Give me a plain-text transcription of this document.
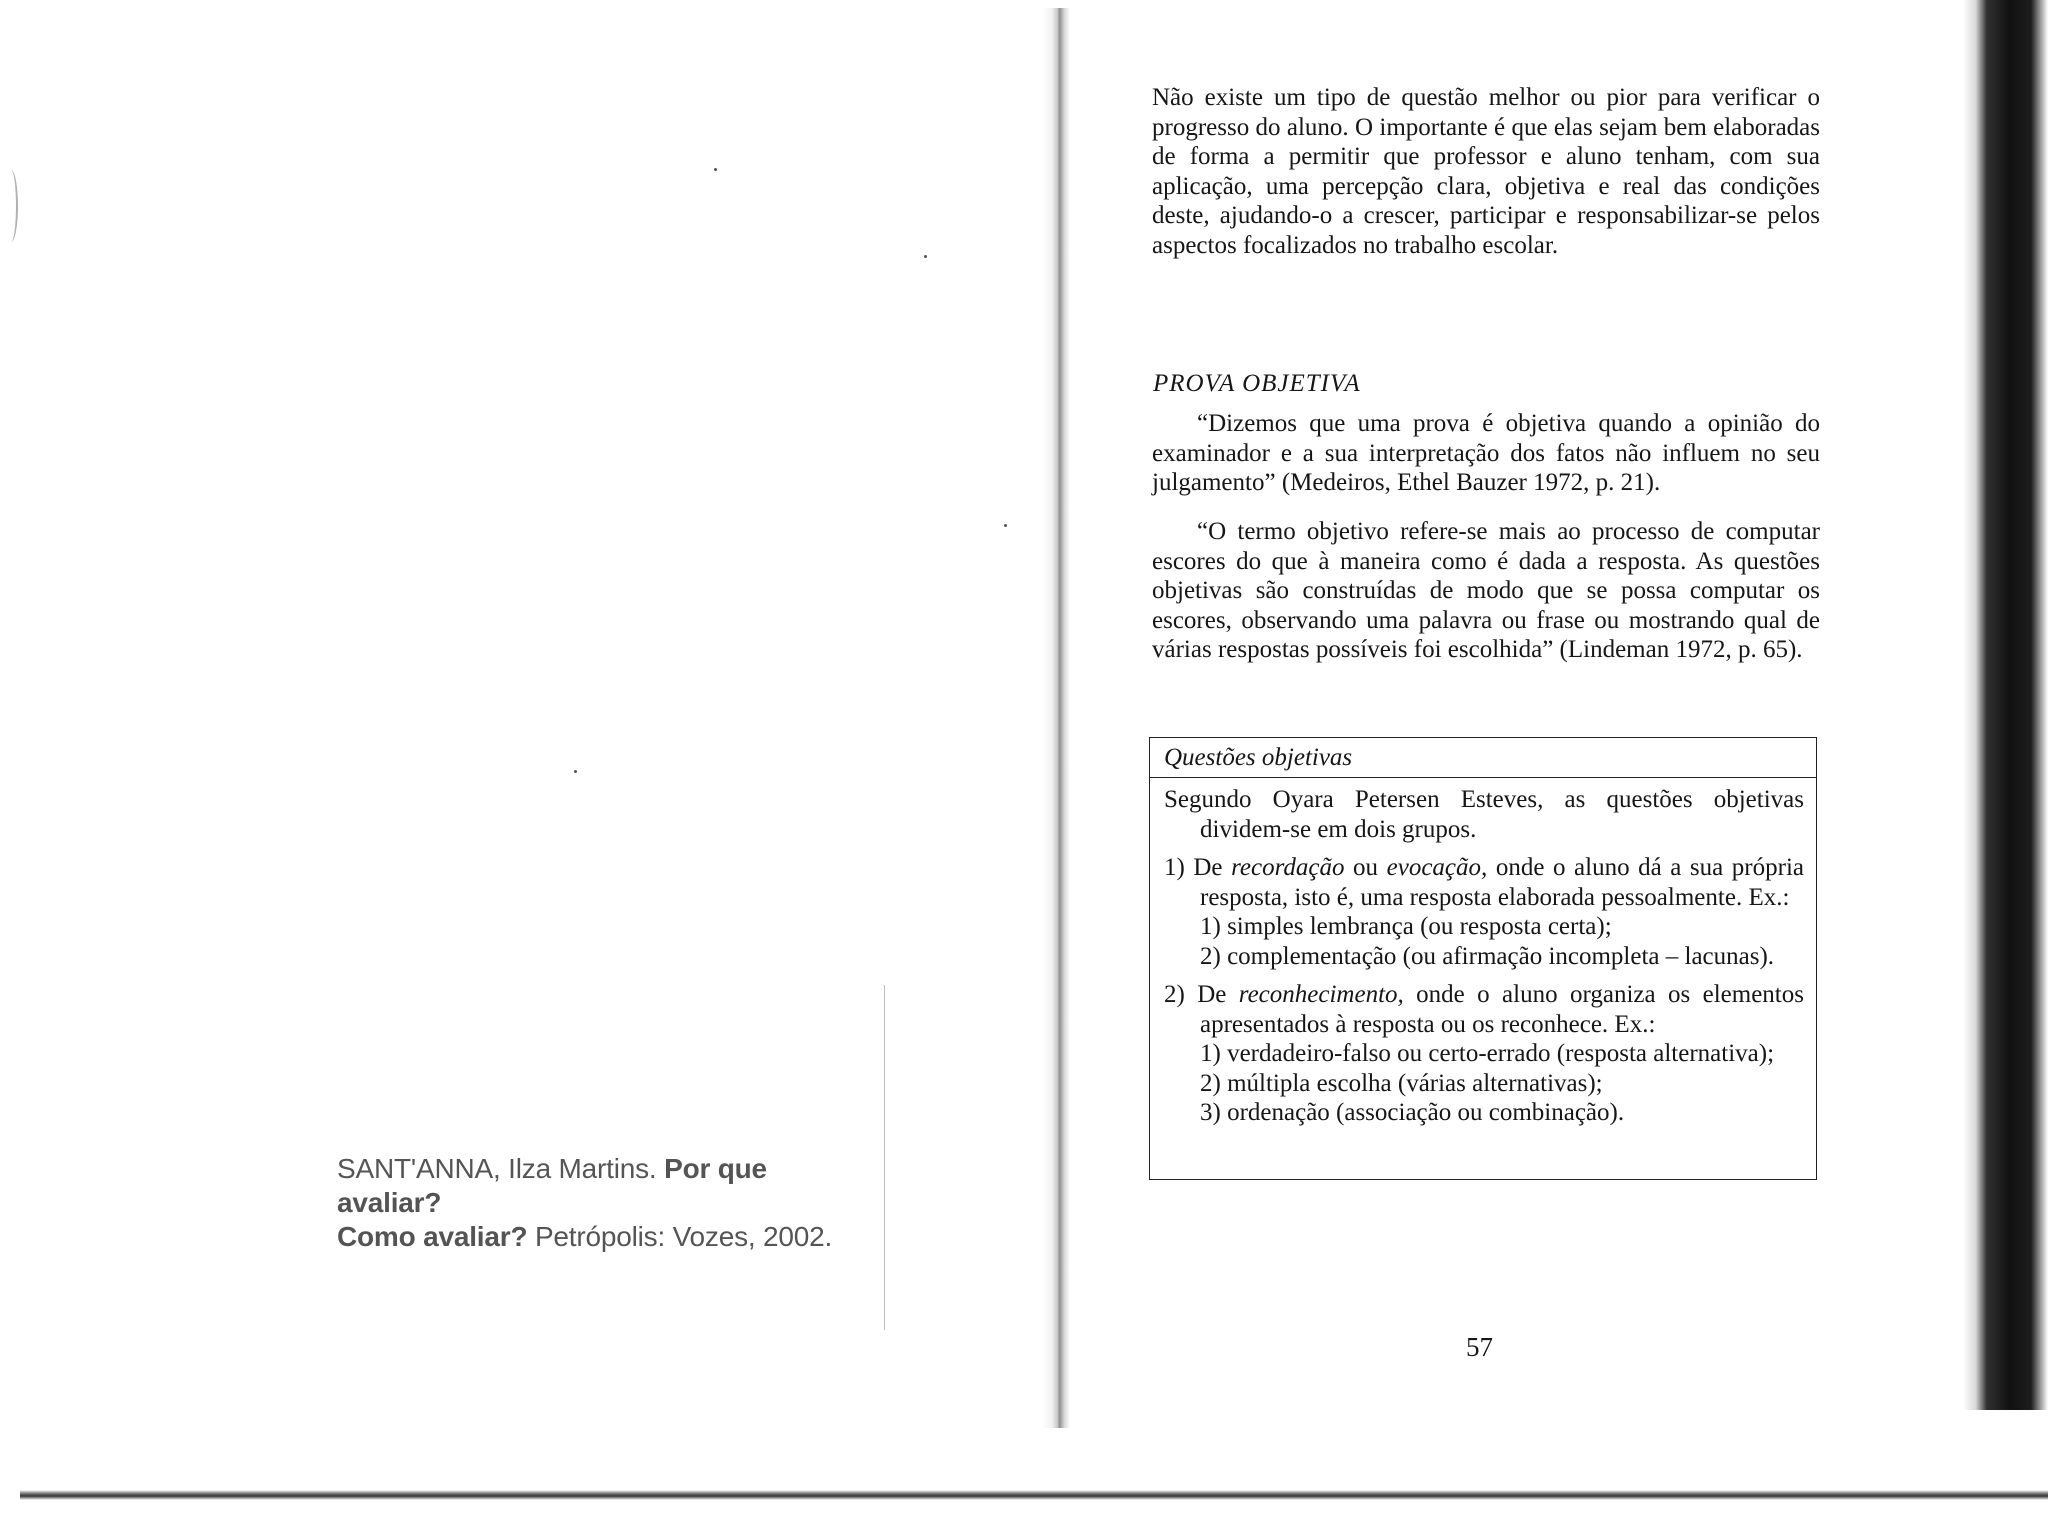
SANT'ANNA, Ilza Martins. Por que avaliar?
Como avaliar? Petrópolis: Vozes, 2002.
Não existe um tipo de questão melhor ou pior para verificar o progresso do aluno. O importante é que elas sejam bem elaboradas de forma a permitir que professor e aluno tenham, com sua aplicação, uma percepção clara, objetiva e real das condições deste, ajudando-o a crescer, participar e responsabilizar-se pelos aspectos focalizados no trabalho escolar.
PROVA OBJETIVA
“Dizemos que uma prova é objetiva quando a opinião do examinador e a sua interpretação dos fatos não influem no seu julgamento” (Medeiros, Ethel Bauzer 1972, p. 21).
“O termo objetivo refere-se mais ao processo de computar escores do que à maneira como é dada a resposta. As questões objetivas são construídas de modo que se possa computar os escores, observando uma palavra ou frase ou mostrando qual de várias respostas possíveis foi escolhida” (Lindeman 1972, p. 65).
Questões objetivas
Segundo Oyara Petersen Esteves, as questões objetivas dividem-se em dois grupos.
1) De recordação ou evocação, onde o aluno dá a sua própria resposta, isto é, uma resposta elaborada pessoalmente. Ex.:
1) simples lembrança (ou resposta certa);
2) complementação (ou afirmação incompleta – lacunas).
2) De reconhecimento, onde o aluno organiza os elementos apresentados à resposta ou os reconhece. Ex.:
1) verdadeiro-falso ou certo-errado (resposta alternativa);
2) múltipla escolha (várias alternativas);
3) ordenação (associação ou combinação).
57
